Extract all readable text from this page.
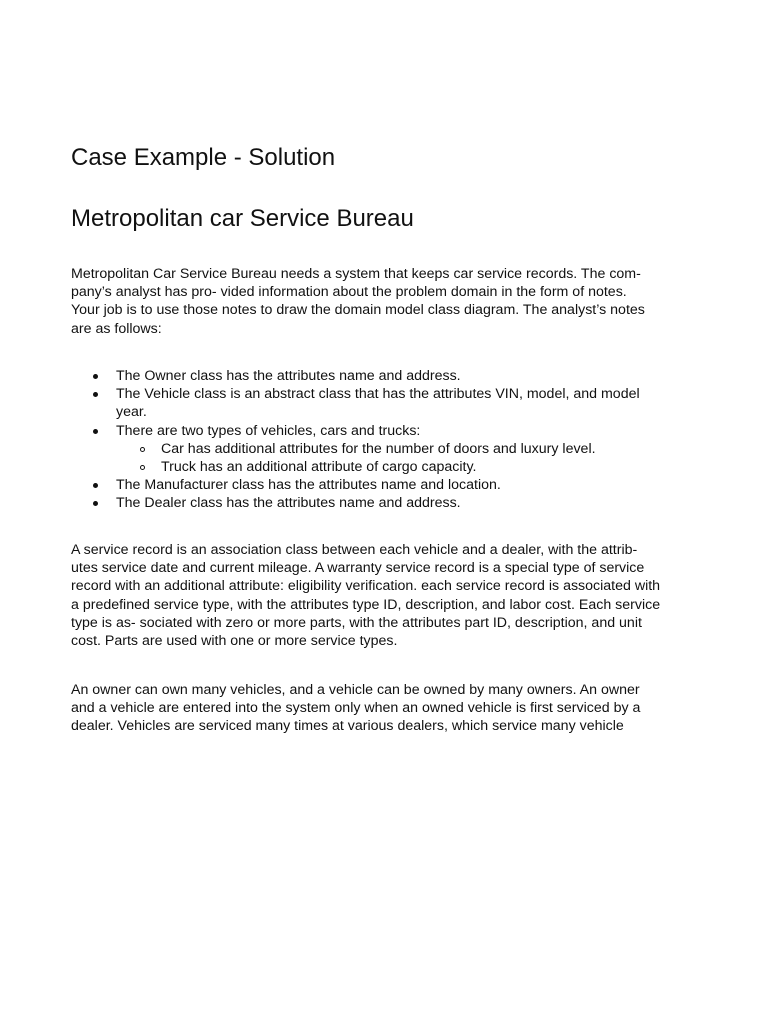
Case Example - Solution
Metropolitan car Service Bureau

Metropolitan Car Service Bureau needs a system that keeps car service records. The com-
pany’s analyst has pro- vided information about the problem domain in the form of notes.
Your job is to use those notes to draw the domain model class diagram. The analyst’s notes
are as follows:

The Owner class has the attributes name and address.
The Vehicle class is an abstract class that has the attributes VIN, model, and model
year.
There are two types of vehicles, cars and trucks:
Car has additional attributes for the number of doors and luxury level.
Truck has an additional attribute of cargo capacity.
The Manufacturer class has the attributes name and location.
The Dealer class has the attributes name and address.

A service record is an association class between each vehicle and a dealer, with the attrib-
utes service date and current mileage. A warranty service record is a special type of service
record with an additional attribute: eligibility verification. each service record is associated with
a predefined service type, with the attributes type ID, description, and labor cost. Each service
type is as- sociated with zero or more parts, with the attributes part ID, description, and unit
cost. Parts are used with one or more service types.

An owner can own many vehicles, and a vehicle can be owned by many owners. An owner
and a vehicle are entered into the system only when an owned vehicle is first serviced by a
dealer. Vehicles are serviced many times at various dealers, which service many vehicle
